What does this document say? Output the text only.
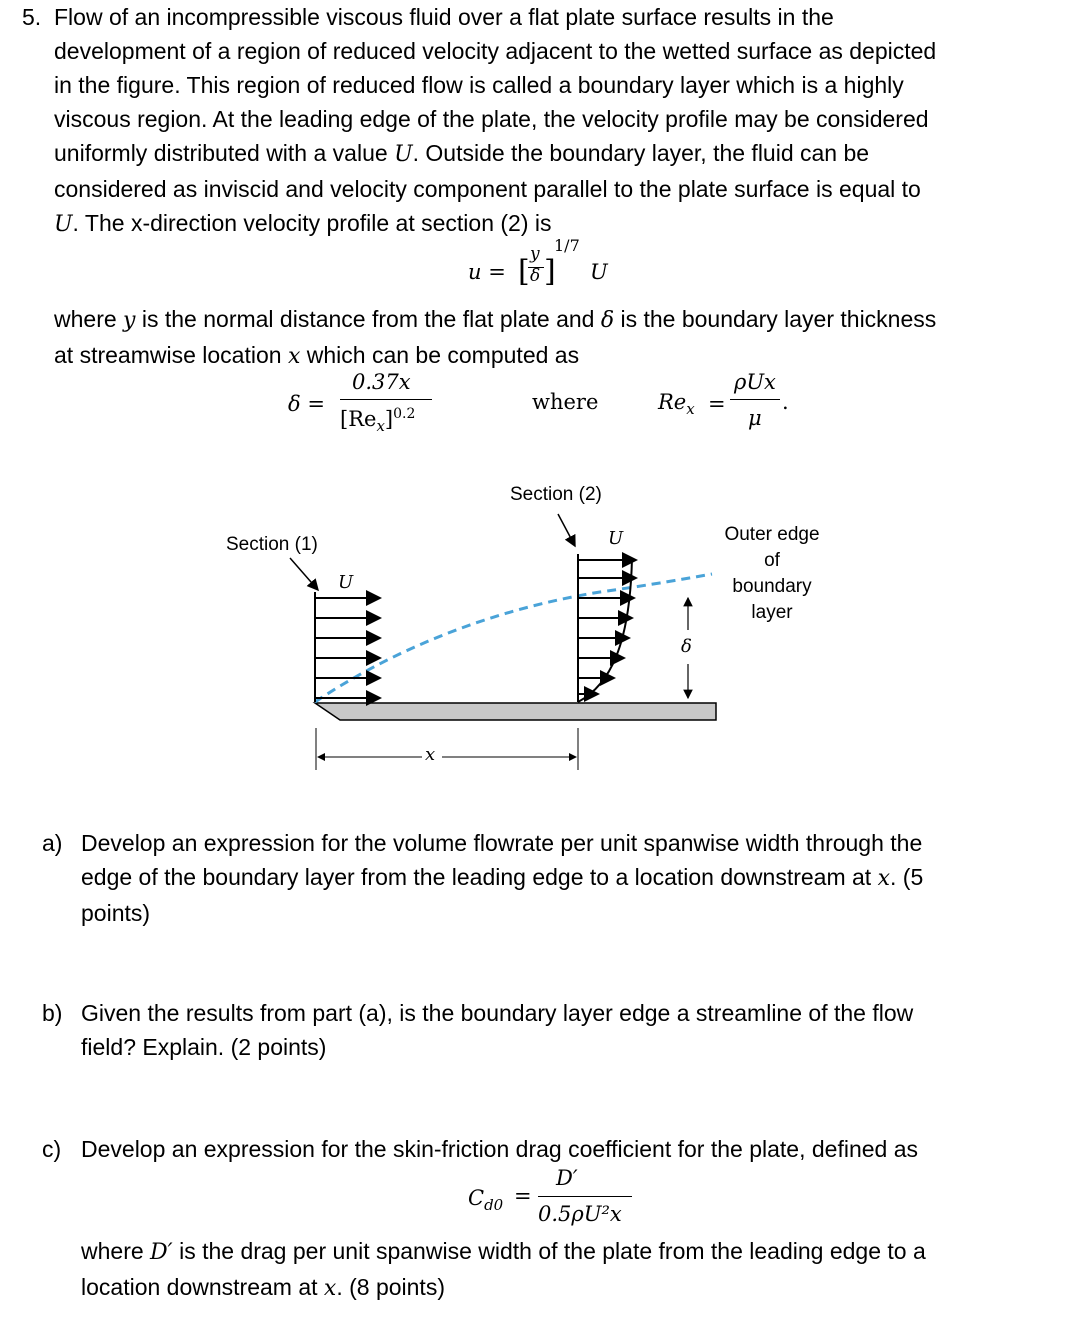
5. Flow of an incompressible viscous fluid over a flat plate surface results in the
development of a region of reduced velocity adjacent to the wetted surface as depicted
in the figure. This region of reduced flow is called a boundary layer which is a highly
viscous region. At the leading edge of the plate, the velocity profile may be considered
uniformly distributed with a value U. Outside the boundary layer, the fluid can be
considered as inviscid and velocity component parallel to the plate surface is equal to
U. The x-direction velocity profile at section (2) is
u = [ y
δ ]
1/7
U
where y is the normal distance from the flat plate and δ is the boundary layer thickness
at streamwise location x which can be computed as
δ =
0.37x
$[Re_x]^{0.2}$	where	$Re_x$ =
ρUx
μ
.
Section (2)
Section (1)
U
U	Outer edge
of
boundary
layer
δ
x
a) Develop an expression for the volume flowrate per unit spanwise width through the
edge of the boundary layer from the leading edge to a location downstream at x. (5
points)
b) Given the results from part (a), is the boundary layer edge a streamline of the flow
field? Explain. (2 points)
c) Develop an expression for the skin-friction drag coefficient for the plate, defined as
$C_{d0}$ =
D′
0.5ρU²x
where D′ is the drag per unit spanwise width of the plate from the leading edge to a
location downstream at x. (8 points)
